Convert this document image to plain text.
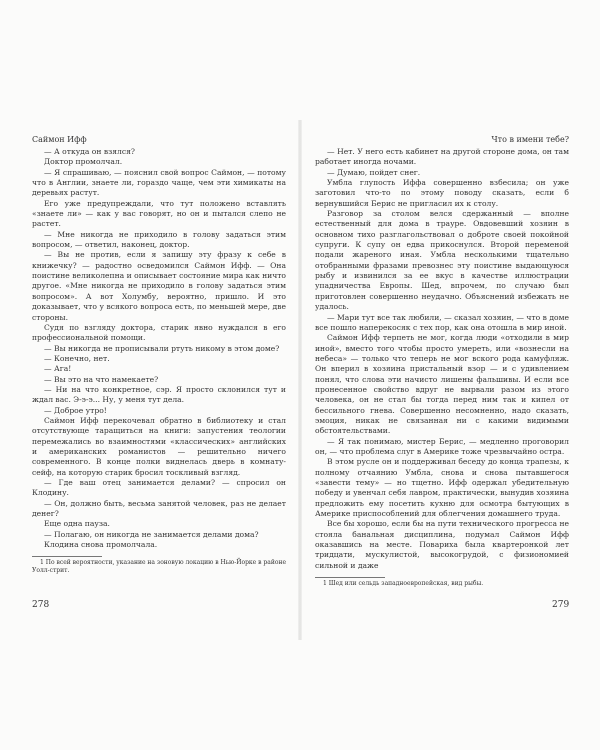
Саймон Ифф

— А откуда он взялся?

Доктор промолчал.

— Я спрашиваю, — пояснил свой вопрос Саймон, — потому что в Англии, знаете ли, гораздо чаще, чем эти химикаты на деревьях растут.

Его уже предупреждали, что тут положено вставлять «знаете ли» — как у вас говорят, но он и пытался слепо не растет.

— Мне никогда не приходило в голову задаться этим вопросом, — ответил, наконец, доктор.

— Вы не против, если я запишу эту фразу к себе в книжечку? — радостно осведомился Саймон Ифф. — Она поистине великолепна и описывает состояние мира как ничто другое. «Мне никогда не приходило в голову задаться этим вопросом». А вот Холумбу, вероятно, пришло. И это доказывает, что у всякого вопроса есть, по меньшей мере, две стороны.

Судя по взгляду доктора, старик явно нуждался в его профессиональной помощи.

— Вы никогда не прописывали ртуть никому в этом доме?

— Конечно, нет.

— Ага!

— Вы это на что намекаете?

— Ни на что конкретное, сэр. Я просто склонился тут и ждал вас. Э-э-э... Ну, у меня тут дела.

— Доброе утро!

Саймон Ифф перекочевал обратно в библиотеку и стал отсутствующе таращиться на книги: запустения теологии перемежались во взаимностями «классических» английских и американских романистов — решительно ничего современного. В конце полки виднелась дверь в комнату-сейф, на которую старик бросил тоскливый взгляд.

— Где ваш отец занимается делами? — спросил он Клодину.

— Он, должно быть, весьма занятой человек, раз не делает денег?

Еще одна пауза.

— Полагаю, он никогда не занимается делами дома?

Клодина снова промолчала.

1 По всей вероятности, указание на зоновую локацию в Нью-Йорке в районе Уолл-стрит.

278
Что в имени тебе?

— Нет. У него есть кабинет на другой стороне дома, он там работает иногда ночами.

— Думаю, пойдет снег.

Умбла глупость Иффа совершенно взбесила; он уже заготовил что-то по этому поводу сказать, если б вернувшийся Берис не пригласил их к столу.

Разговор за столом велся сдержанный — вполне естественный для дома в трауре. Овдовевший хозяин в основном тихо разглагольствовал о доброте своей покойной супруги. К супу он едва прикоснулся. Второй переменой подали жареного иная. Умбла несколькими тщательно отобранными фразами превознес эту поистине выдающуюся рыбу и извинился за ее вкус в качестве иллюстрации упадничества Европы. Шед, впрочем, по случаю был приготовлен совершенно неудачно. Объяснений избежать не удалось.

— Мари тут все так любили, — сказал хозяин, — что в доме все пошло наперекосяк с тех пор, как она отошла в мир иной.

Саймон Ифф терпеть не мог, когда люди «отходили в мир иной», вместо того чтобы просто умереть, или «вознесли на небеса» — только что теперь не мог вского рода камуфляж. Он вперил в хозяина пристальный взор — и с удивлением понял, что слова эти начисто лишены фальшивы. И если все пронесенное свойство вдруг не вырвали разом из этого человека, он не стал бы тогда перед ним так и кипел от бессильного гнева. Совершенно несомненно, надо сказать, эмоция, никак не связанная ни с какими видимыми обстоятельствами.

— Я так понимаю, мистер Берис, — медленно проговорил он, — что проблема слуг в Америке тоже чрезвычайно остра.

В этом русле он и поддерживал беседу до конца трапезы, к полному отчаянию Умбла, снова и снова пытавшегося «завести тему» — но тщетно. Ифф одержал убедительную победу и увенчал себя лавром, практически, вынудив хозяина предложить ему посетить кухню для осмотра бытующих в Америке приспособлений для облегчения домашнего труда.

Все бы хорошо, если бы на пути технического прогресса не стояла банальная дисциплина, подумал Саймон Ифф оказавшись на месте. Повариха была квартеронкой лет тридцати, мускулистой, высокогрудой, с физиономией сильной и даже

1 Шед или сельдь западноевропейская, вид рыбы.

279
